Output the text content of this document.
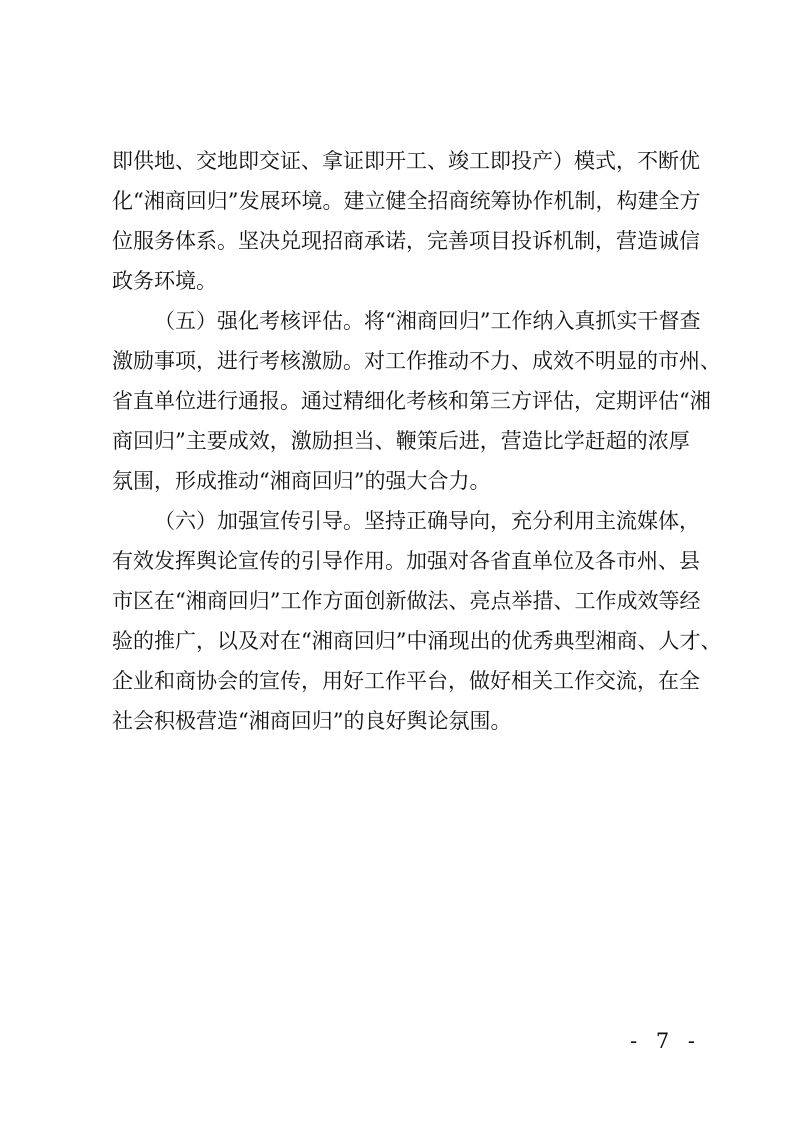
即供地、交地即交证、拿证即开工、竣工即投产）模式，不断优
化“湘商回归”发展环境。建立健全招商统筹协作机制，构建全方
位服务体系。坚决兑现招商承诺，完善项目投诉机制，营造诚信
政务环境。
（五）强化考核评估。将“湘商回归”工作纳入真抓实干督查
激励事项，进行考核激励。对工作推动不力、成效不明显的市州、
省直单位进行通报。通过精细化考核和第三方评估，定期评估“湘
商回归”主要成效，激励担当、鞭策后进，营造比学赶超的浓厚
氛围，形成推动“湘商回归”的强大合力。
（六）加强宣传引导。坚持正确导向，充分利用主流媒体，
有效发挥舆论宣传的引导作用。加强对各省直单位及各市州、县
市区在“湘商回归”工作方面创新做法、亮点举措、工作成效等经
验的推广，以及对在“湘商回归”中涌现出的优秀典型湘商、人才、
企业和商协会的宣传，用好工作平台，做好相关工作交流，在全
社会积极营造“湘商回归”的良好舆论氛围。
- 7 -
